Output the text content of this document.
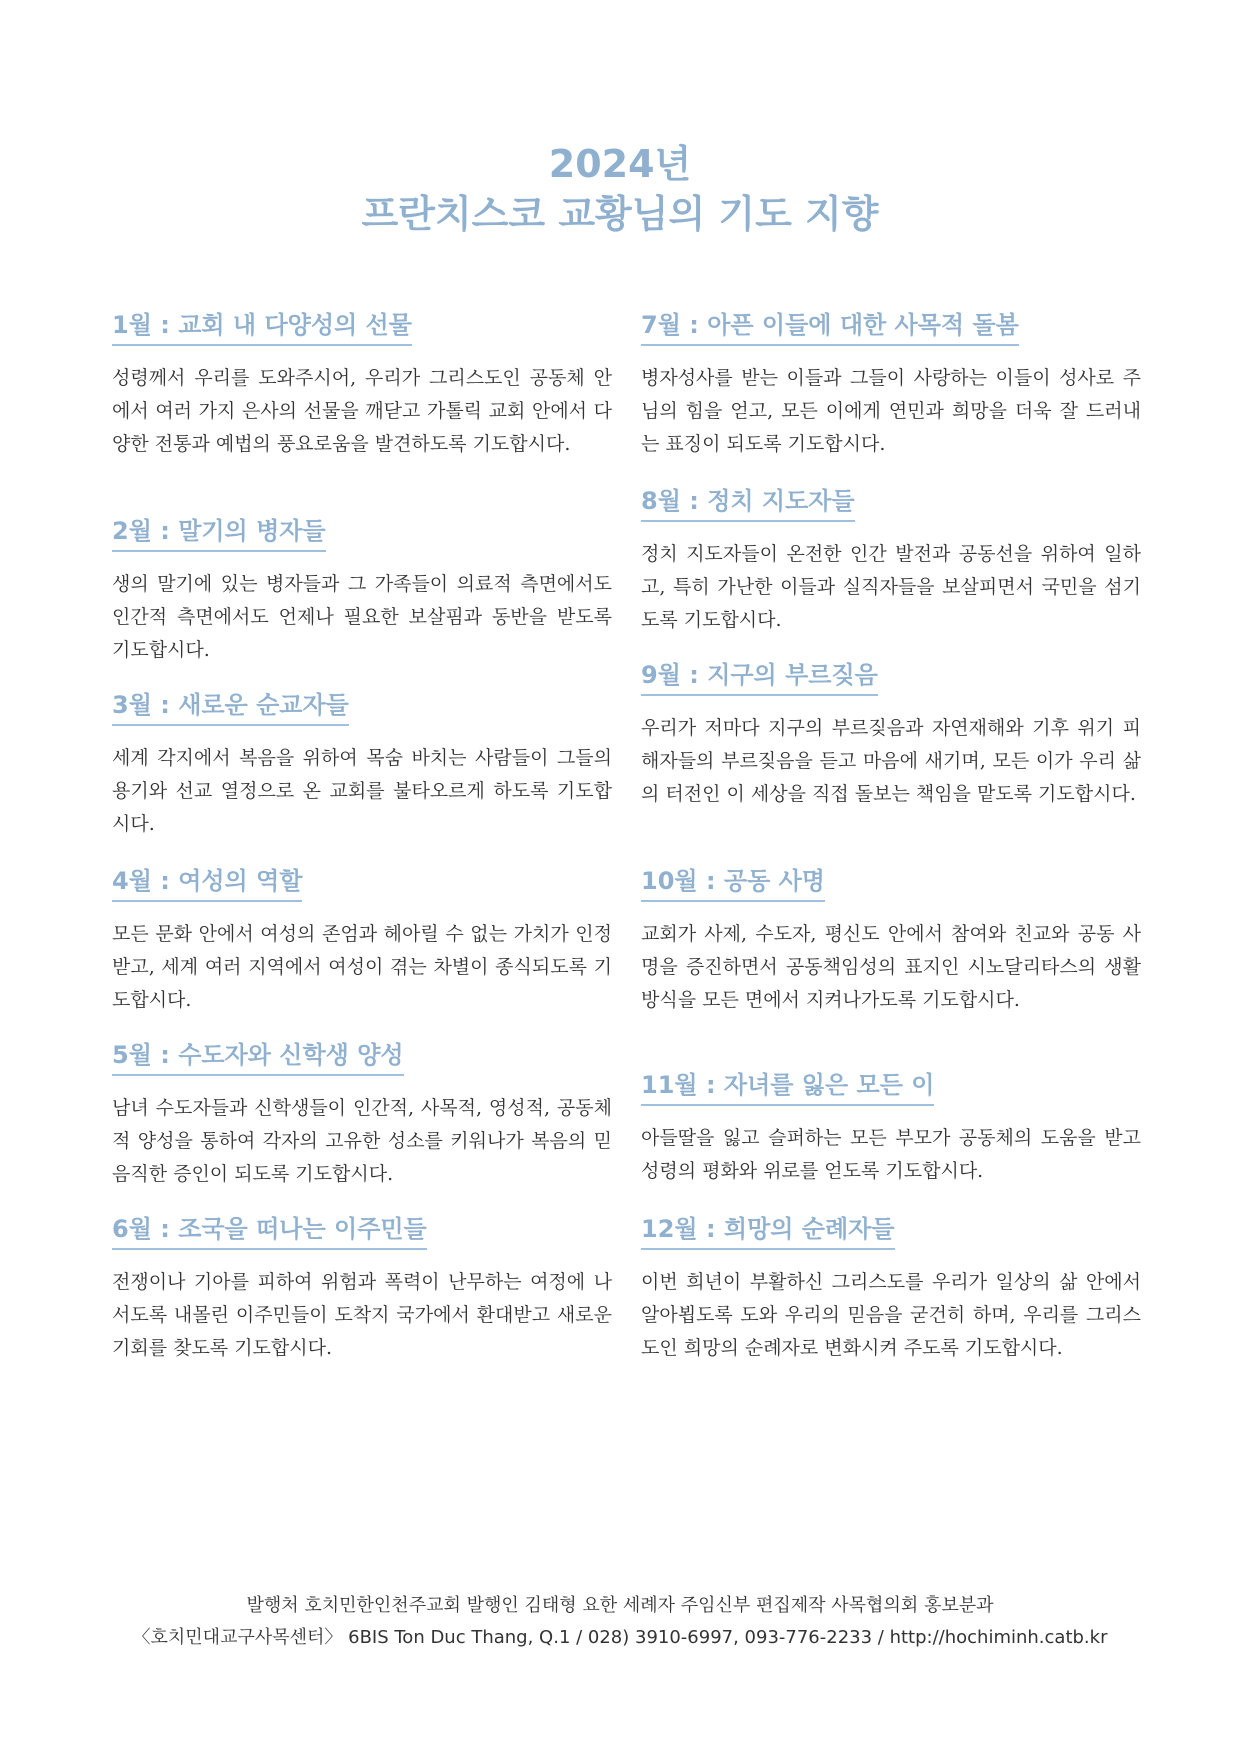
2024년
프란치스코 교황님의 기도 지향
1월 : 교회 내 다양성의 선물
성령께서 우리를 도와주시어, 우리가 그리스도인 공동체 안에서 여러 가지 은사의 선물을 깨닫고 가톨릭 교회 안에서 다양한 전통과 예법의 풍요로움을 발견하도록 기도합시다.
2월 : 말기의 병자들
생의 말기에 있는 병자들과 그 가족들이 의료적 측면에서도 인간적 측면에서도 언제나 필요한 보살핌과 동반을 받도록 기도합시다.
3월 : 새로운 순교자들
세계 각지에서 복음을 위하여 목숨 바치는 사람들이 그들의 용기와 선교 열정으로 온 교회를 불타오르게 하도록 기도합시다.
4월 : 여성의 역할
모든 문화 안에서 여성의 존엄과 헤아릴 수 없는 가치가 인정받고, 세계 여러 지역에서 여성이 겪는 차별이 종식되도록 기도합시다.
5월 : 수도자와 신학생 양성
남녀 수도자들과 신학생들이 인간적, 사목적, 영성적, 공동체적 양성을 통하여 각자의 고유한 성소를 키워나가 복음의 믿음직한 증인이 되도록 기도합시다.
6월 : 조국을 떠나는 이주민들
전쟁이나 기아를 피하여 위험과 폭력이 난무하는 여정에 나서도록 내몰린 이주민들이 도착지 국가에서 환대받고 새로운 기회를 찾도록 기도합시다.
7월 : 아픈 이들에 대한 사목적 돌봄
병자성사를 받는 이들과 그들이 사랑하는 이들이 성사로 주님의 힘을 얻고, 모든 이에게 연민과 희망을 더욱 잘 드러내는 표징이 되도록 기도합시다.
8월 : 정치 지도자들
정치 지도자들이 온전한 인간 발전과 공동선을 위하여 일하고, 특히 가난한 이들과 실직자들을 보살피면서 국민을 섬기도록 기도합시다.
9월 : 지구의 부르짖음
우리가 저마다 지구의 부르짖음과 자연재해와 기후 위기 피해자들의 부르짖음을 듣고 마음에 새기며, 모든 이가 우리 삶의 터전인 이 세상을 직접 돌보는 책임을 맡도록 기도합시다.
10월 : 공동 사명
교회가 사제, 수도자, 평신도 안에서 참여와 친교와 공동 사명을 증진하면서 공동책임성의 표지인 시노달리타스의 생활 방식을 모든 면에서 지켜나가도록 기도합시다.
11월 : 자녀를 잃은 모든 이
아들딸을 잃고 슬퍼하는 모든 부모가 공동체의 도움을 받고 성령의 평화와 위로를 얻도록 기도합시다.
12월 : 희망의 순례자들
이번 희년이 부활하신 그리스도를 우리가 일상의 삶 안에서 알아뵙도록 도와 우리의 믿음을 굳건히 하며, 우리를 그리스도인 희망의 순례자로 변화시켜 주도록 기도합시다.
발행처 호치민한인천주교회 발행인 김태형 요한 세례자 주임신부 편집제작 사목협의회 홍보분과
〈호치민대교구사목센터〉 6BIS Ton Duc Thang, Q.1 / 028) 3910-6997, 093-776-2233 / http://hochiminh.catb.kr
